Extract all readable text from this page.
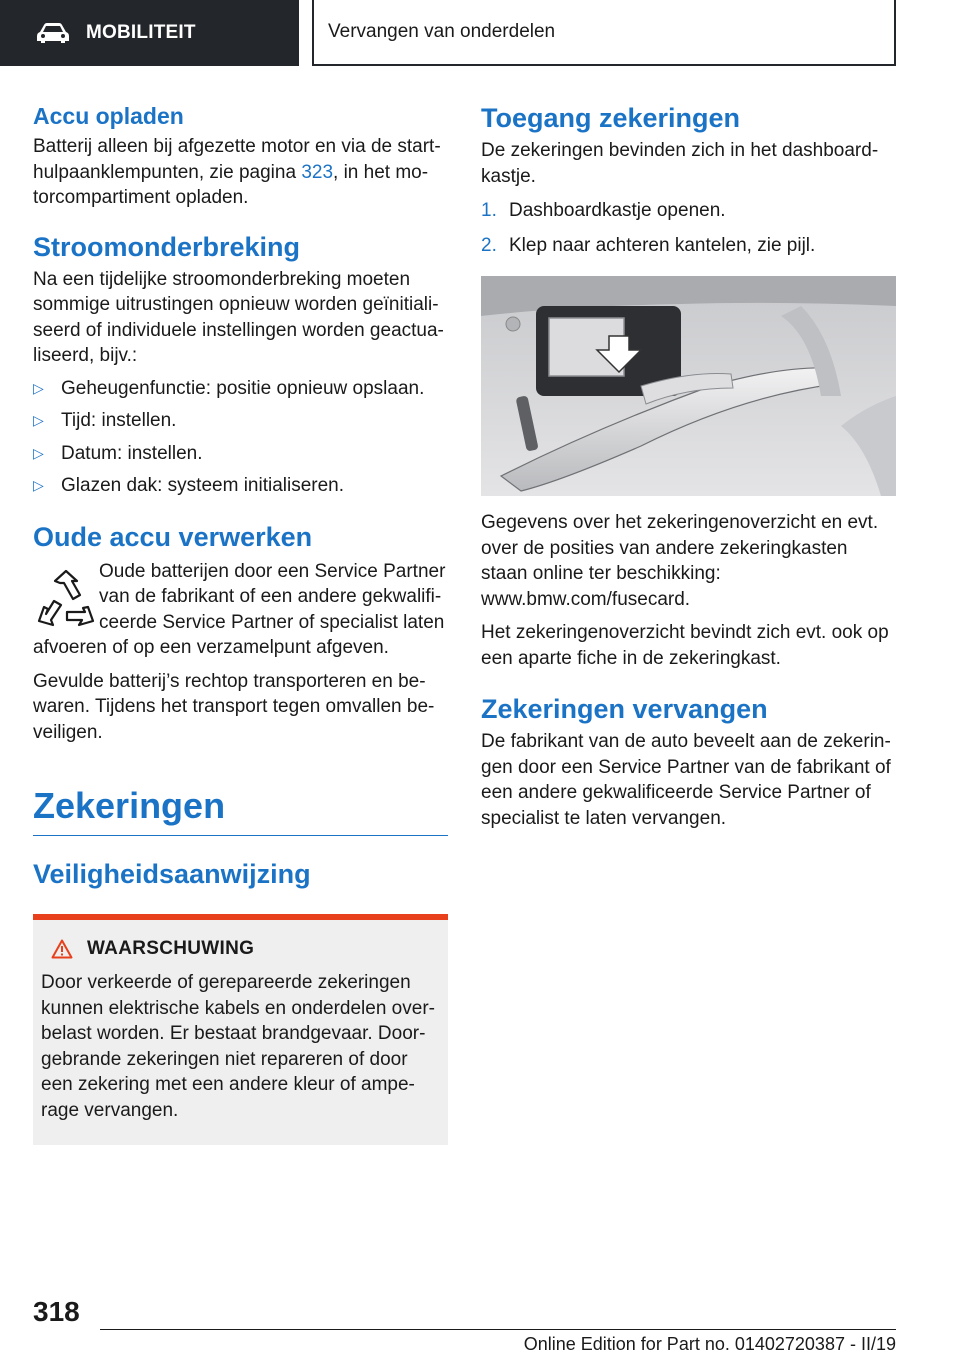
MOBILITEIT	Vervangen van onderdelen
Accu opladen

Batterij alleen bij afgezette motor en via de start-hulpaanklempunten, zie pagina 323, in het mo-torcompartiment opladen.

Stroomonderbreking

Na een tijdelijke stroomonderbreking moeten sommige uitrustingen opnieuw worden geïnitiali-seerd of individuele instellingen worden geactua-liseerd, bijv.:

▷ Geheugenfunctie: positie opnieuw opslaan.
▷ Tijd: instellen.
▷ Datum: instellen.
▷ Glazen dak: systeem initialiseren.
Oude accu verwerken

Oude batterijen door een Service Partner van de fabrikant of een andere gekwalifi-ceerde Service Partner of specialist laten afvoeren of op een verzamelpunt afgeven.

Gevulde batterij’s rechtop transporteren en be-waren. Tijdens het transport tegen omvallen be-veiligen.

Zekeringen
Veiligheidsaanwijzing
WAARSCHUWING

Door verkeerde of gerepareerde zekeringen kunnen elektrische kabels en onderdelen over-belast worden. Er bestaat brandgevaar. Door-gebrande zekeringen niet repareren of door een zekering met een andere kleur of ampe-rage vervangen.

Toegang zekeringen

De zekeringen bevinden zich in het dashboard-kastje.

1. Dashboardkastje openen.
2. Klep naar achteren kantelen, zie pijl.

Gegevens over het zekeringenoverzicht en evt. over de posities van andere zekeringkasten staan online ter beschikking: www.bmw.com/fusecard.

Het zekeringenoverzicht bevindt zich evt. ook op een aparte fiche in de zekeringkast.

Zekeringen vervangen

De fabrikant van de auto beveelt aan de zekerin-gen door een Service Partner van de fabrikant of een andere gekwalificeerde Service Partner of specialist te laten vervangen.

318
Online Edition for Part no. 01402720387 - II/19
